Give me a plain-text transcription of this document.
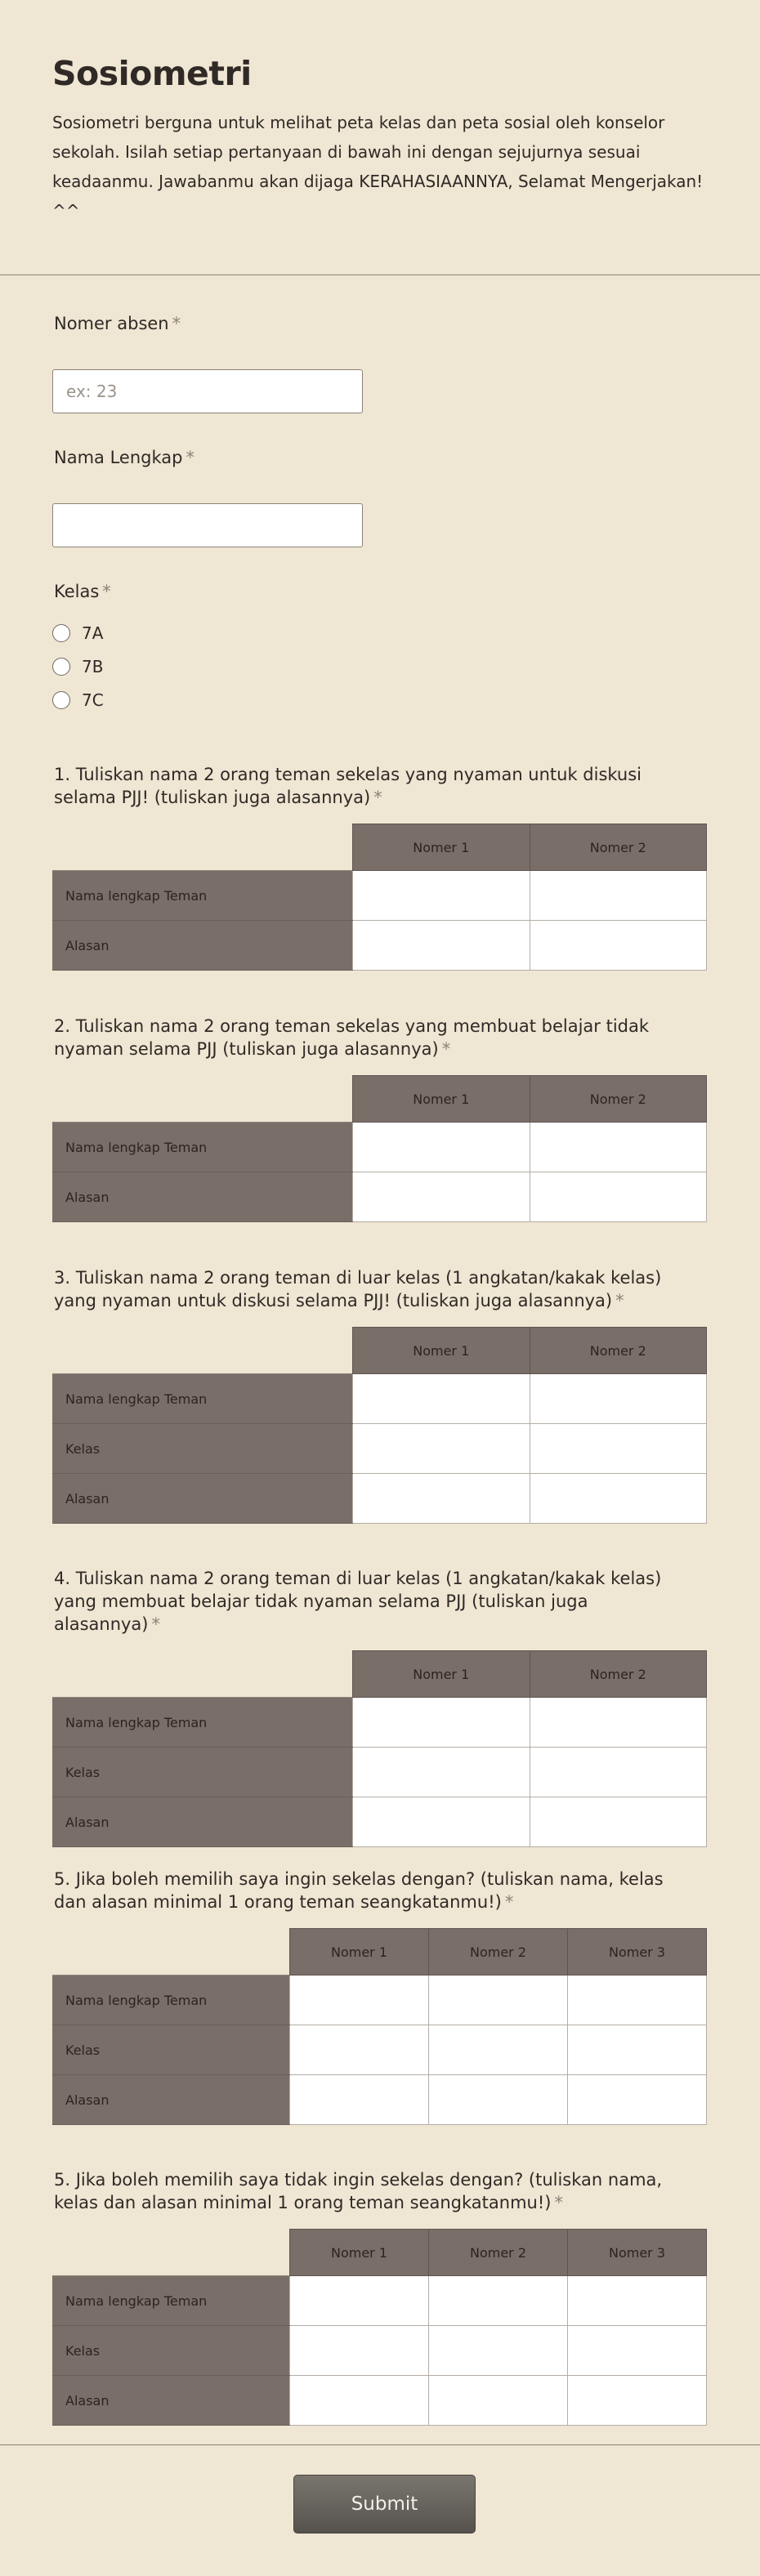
Sosiometri

Sosiometri berguna untuk melihat peta kelas dan peta sosial oleh konselor sekolah. Isilah setiap pertanyaan di bawah ini dengan sejujurnya sesuai keadaanmu. Jawabanmu akan dijaga KERAHASIAANNYA, Selamat Mengerjakan! ^^

Nomer absen *
ex: 23
Nama Lengkap *
Kelas *
7A
7B
7C
1. Tuliskan nama 2 orang teman sekelas yang nyaman untuk diskusi selama PJJ! (tuliskan juga alasannya) *
	Nomer 1	Nomer 2
Nama lengkap Teman		
Alasan		
2. Tuliskan nama 2 orang teman sekelas yang membuat belajar tidak nyaman selama PJJ (tuliskan juga alasannya) *
	Nomer 1	Nomer 2
Nama lengkap Teman		
Alasan		
3. Tuliskan nama 2 orang teman di luar kelas (1 angkatan/kakak kelas) yang nyaman untuk diskusi selama PJJ! (tuliskan juga alasannya) *
	Nomer 1	Nomer 2
Nama lengkap Teman		
Kelas		
Alasan		
4. Tuliskan nama 2 orang teman di luar kelas (1 angkatan/kakak kelas) yang membuat belajar tidak nyaman selama PJJ (tuliskan juga alasannya) *
	Nomer 1	Nomer 2
Nama lengkap Teman		
Kelas		
Alasan		
5. Jika boleh memilih saya ingin sekelas dengan? (tuliskan nama, kelas dan alasan minimal 1 orang teman seangkatanmu!) *
	Nomer 1	Nomer 2	Nomer 3
Nama lengkap Teman			
Kelas			
Alasan			
5. Jika boleh memilih saya tidak ingin sekelas dengan? (tuliskan nama, kelas dan alasan minimal 1 orang teman seangkatanmu!) *
	Nomer 1	Nomer 2	Nomer 3
Nama lengkap Teman			
Kelas			
Alasan			
Submit
